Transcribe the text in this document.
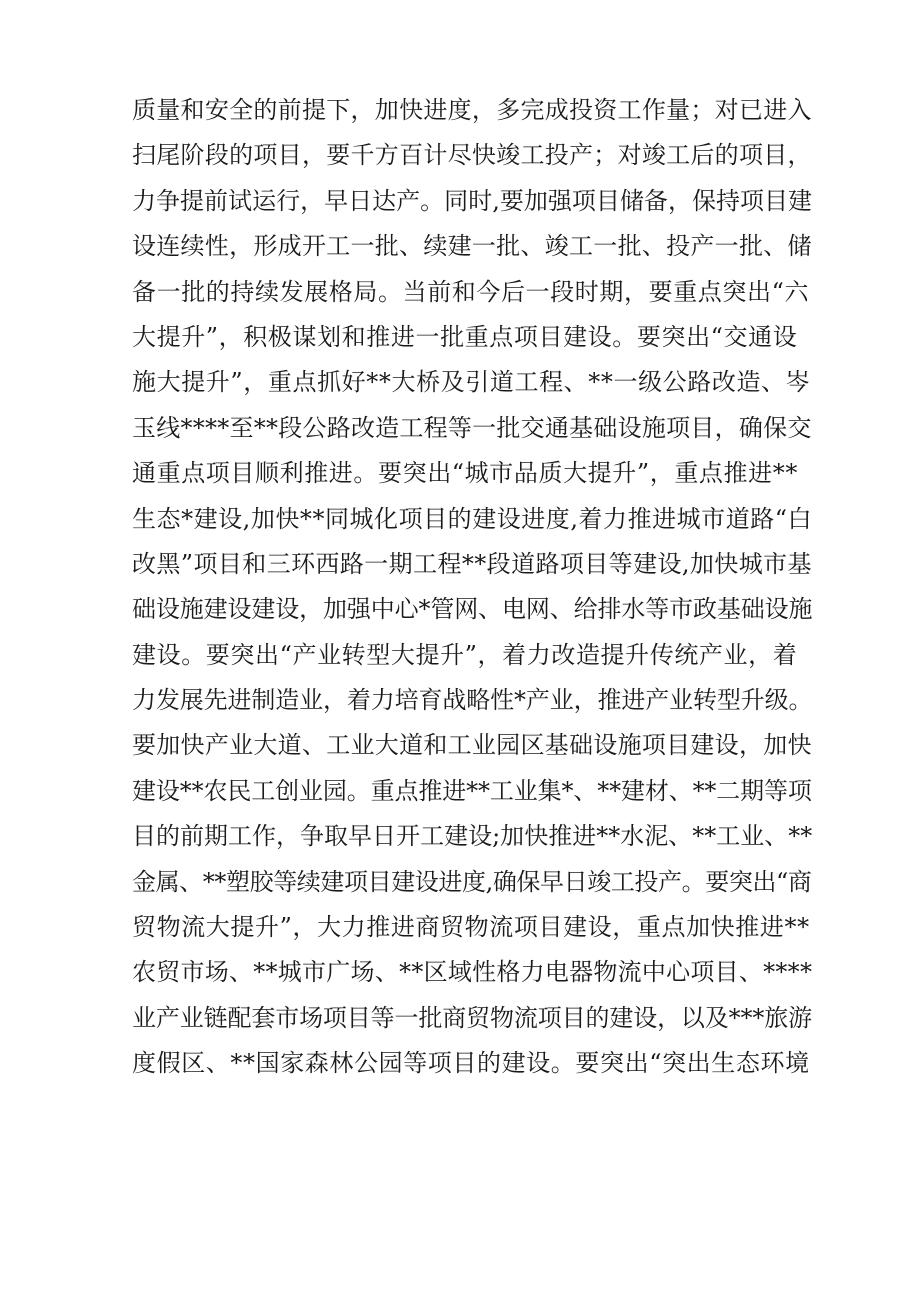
质量和安全的前提下，加快进度，多完成投资工作量；对已进入
扫尾阶段的项目，要千方百计尽快竣工投产；对竣工后的项目，
力争提前试运行，早日达产。同时,要加强项目储备，保持项目建
设连续性，形成开工一批、续建一批、竣工一批、投产一批、储
备一批的持续发展格局。当前和今后一段时期，要重点突出“六
大提升”，积极谋划和推进一批重点项目建设。要突出“交通设
施大提升”，重点抓好**大桥及引道工程、**一级公路改造、岑
玉线****至**段公路改造工程等一批交通基础设施项目，确保交
通重点项目顺利推进。要突出“城市品质大提升”，重点推进**
生态*建设,加快**同城化项目的建设进度,着力推进城市道路“白
改黑”项目和三环西路一期工程**段道路项目等建设,加快城市基
础设施建设建设，加强中心*管网、电网、给排水等市政基础设施
建设。要突出“产业转型大提升”，着力改造提升传统产业，着
力发展先进制造业，着力培育战略性*产业，推进产业转型升级。
要加快产业大道、工业大道和工业园区基础设施项目建设，加快
建设**农民工创业园。重点推进**工业集*、**建材、**二期等项
目的前期工作，争取早日开工建设;加快推进**水泥、**工业、**
金属、**塑胶等续建项目建设进度,确保早日竣工投产。要突出“商
贸物流大提升”，大力推进商贸物流项目建设，重点加快推进**
农贸市场、**城市广场、**区域性格力电器物流中心项目、****
业产业链配套市场项目等一批商贸物流项目的建设，以及***旅游
度假区、**国家森林公园等项目的建设。要突出“突出生态环境
